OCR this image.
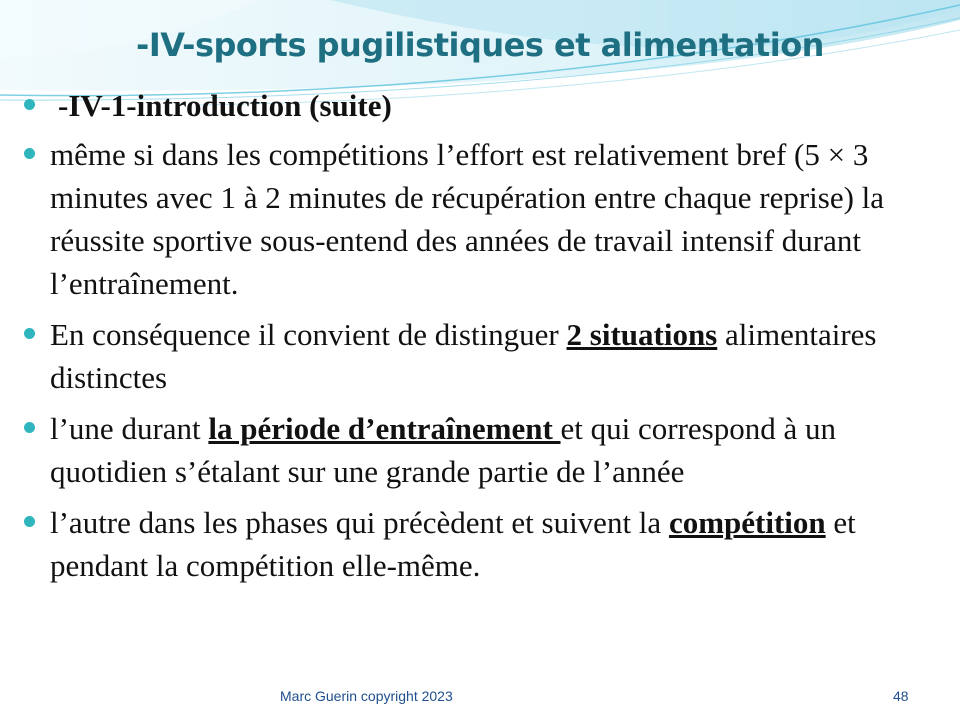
-IV-sports pugilistiques et alimentation

-IV-1-introduction (suite)

même si dans les compétitions l’effort est relativement bref (5 × 3 minutes avec 1 à 2 minutes de récupération entre chaque reprise) la réussite sportive sous-entend des années de travail intensif durant l’entraînement.

En conséquence il convient de distinguer 2 situations alimentaires distinctes

l’une durant la période d’entraînement et qui correspond à un quotidien s’étalant sur une grande partie de l’année

l’autre dans les phases qui précèdent et suivent la compétition et pendant la compétition elle-même.

Marc Guerin copyright 2023	48
